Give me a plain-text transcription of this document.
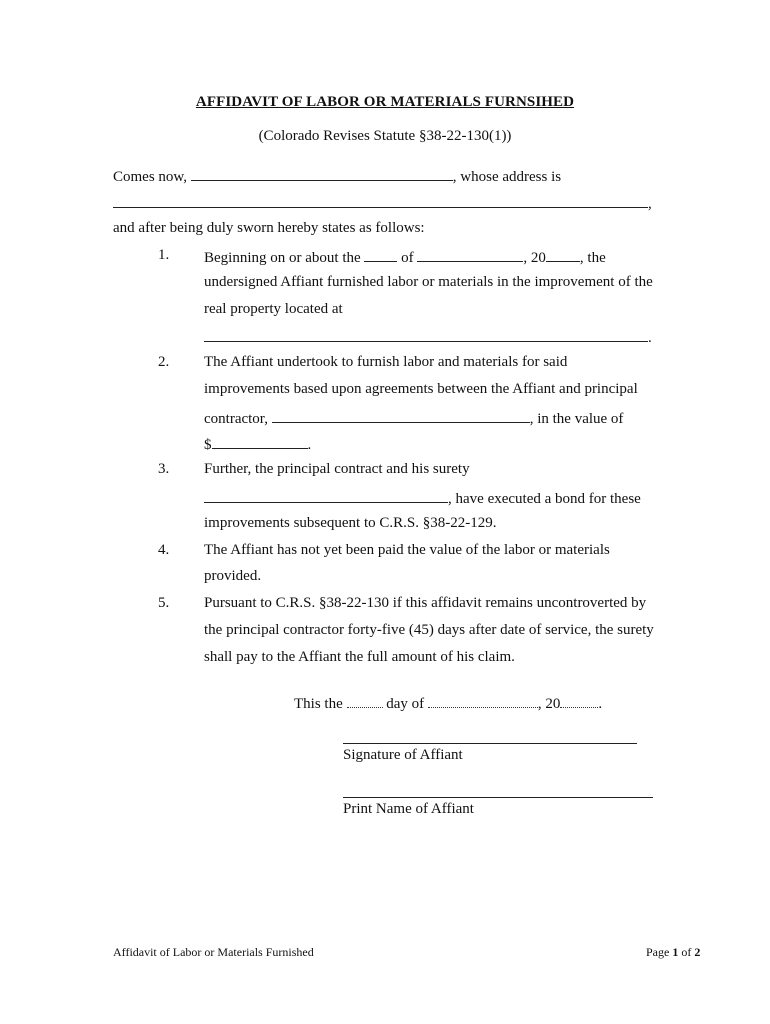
AFFIDAVIT OF LABOR OR MATERIALS FURNSIHED
(Colorado Revises Statute §38-22-130(1))
Comes now,	, whose address is
,
and after being duly sworn hereby states as follows:
1. Beginning on or about the	of	, 20 , the
undersigned Affiant furnished labor or materials in the improvement of the
real property located at
.
2. The Affiant undertook to furnish labor and materials for said
improvements based upon agreements between the Affiant and principal
contractor,	, in the value of
$	.
3. Further, the principal contract and his surety
, have executed a bond for these
improvements subsequent to C.R.S. §38-22-129.
4. The Affiant has not yet been paid the value of the labor or materials
provided.
5. Pursuant to C.R.S. §38-22-130 if this affidavit remains uncontroverted by
the principal contractor forty-five (45) days after date of service, the surety
shall pay to the Affiant the full amount of his claim.
This the	day of	, 20	.
Signature of Affiant
Print Name of Affiant
Affidavit of Labor or Materials Furnished	Page 1 of 2
